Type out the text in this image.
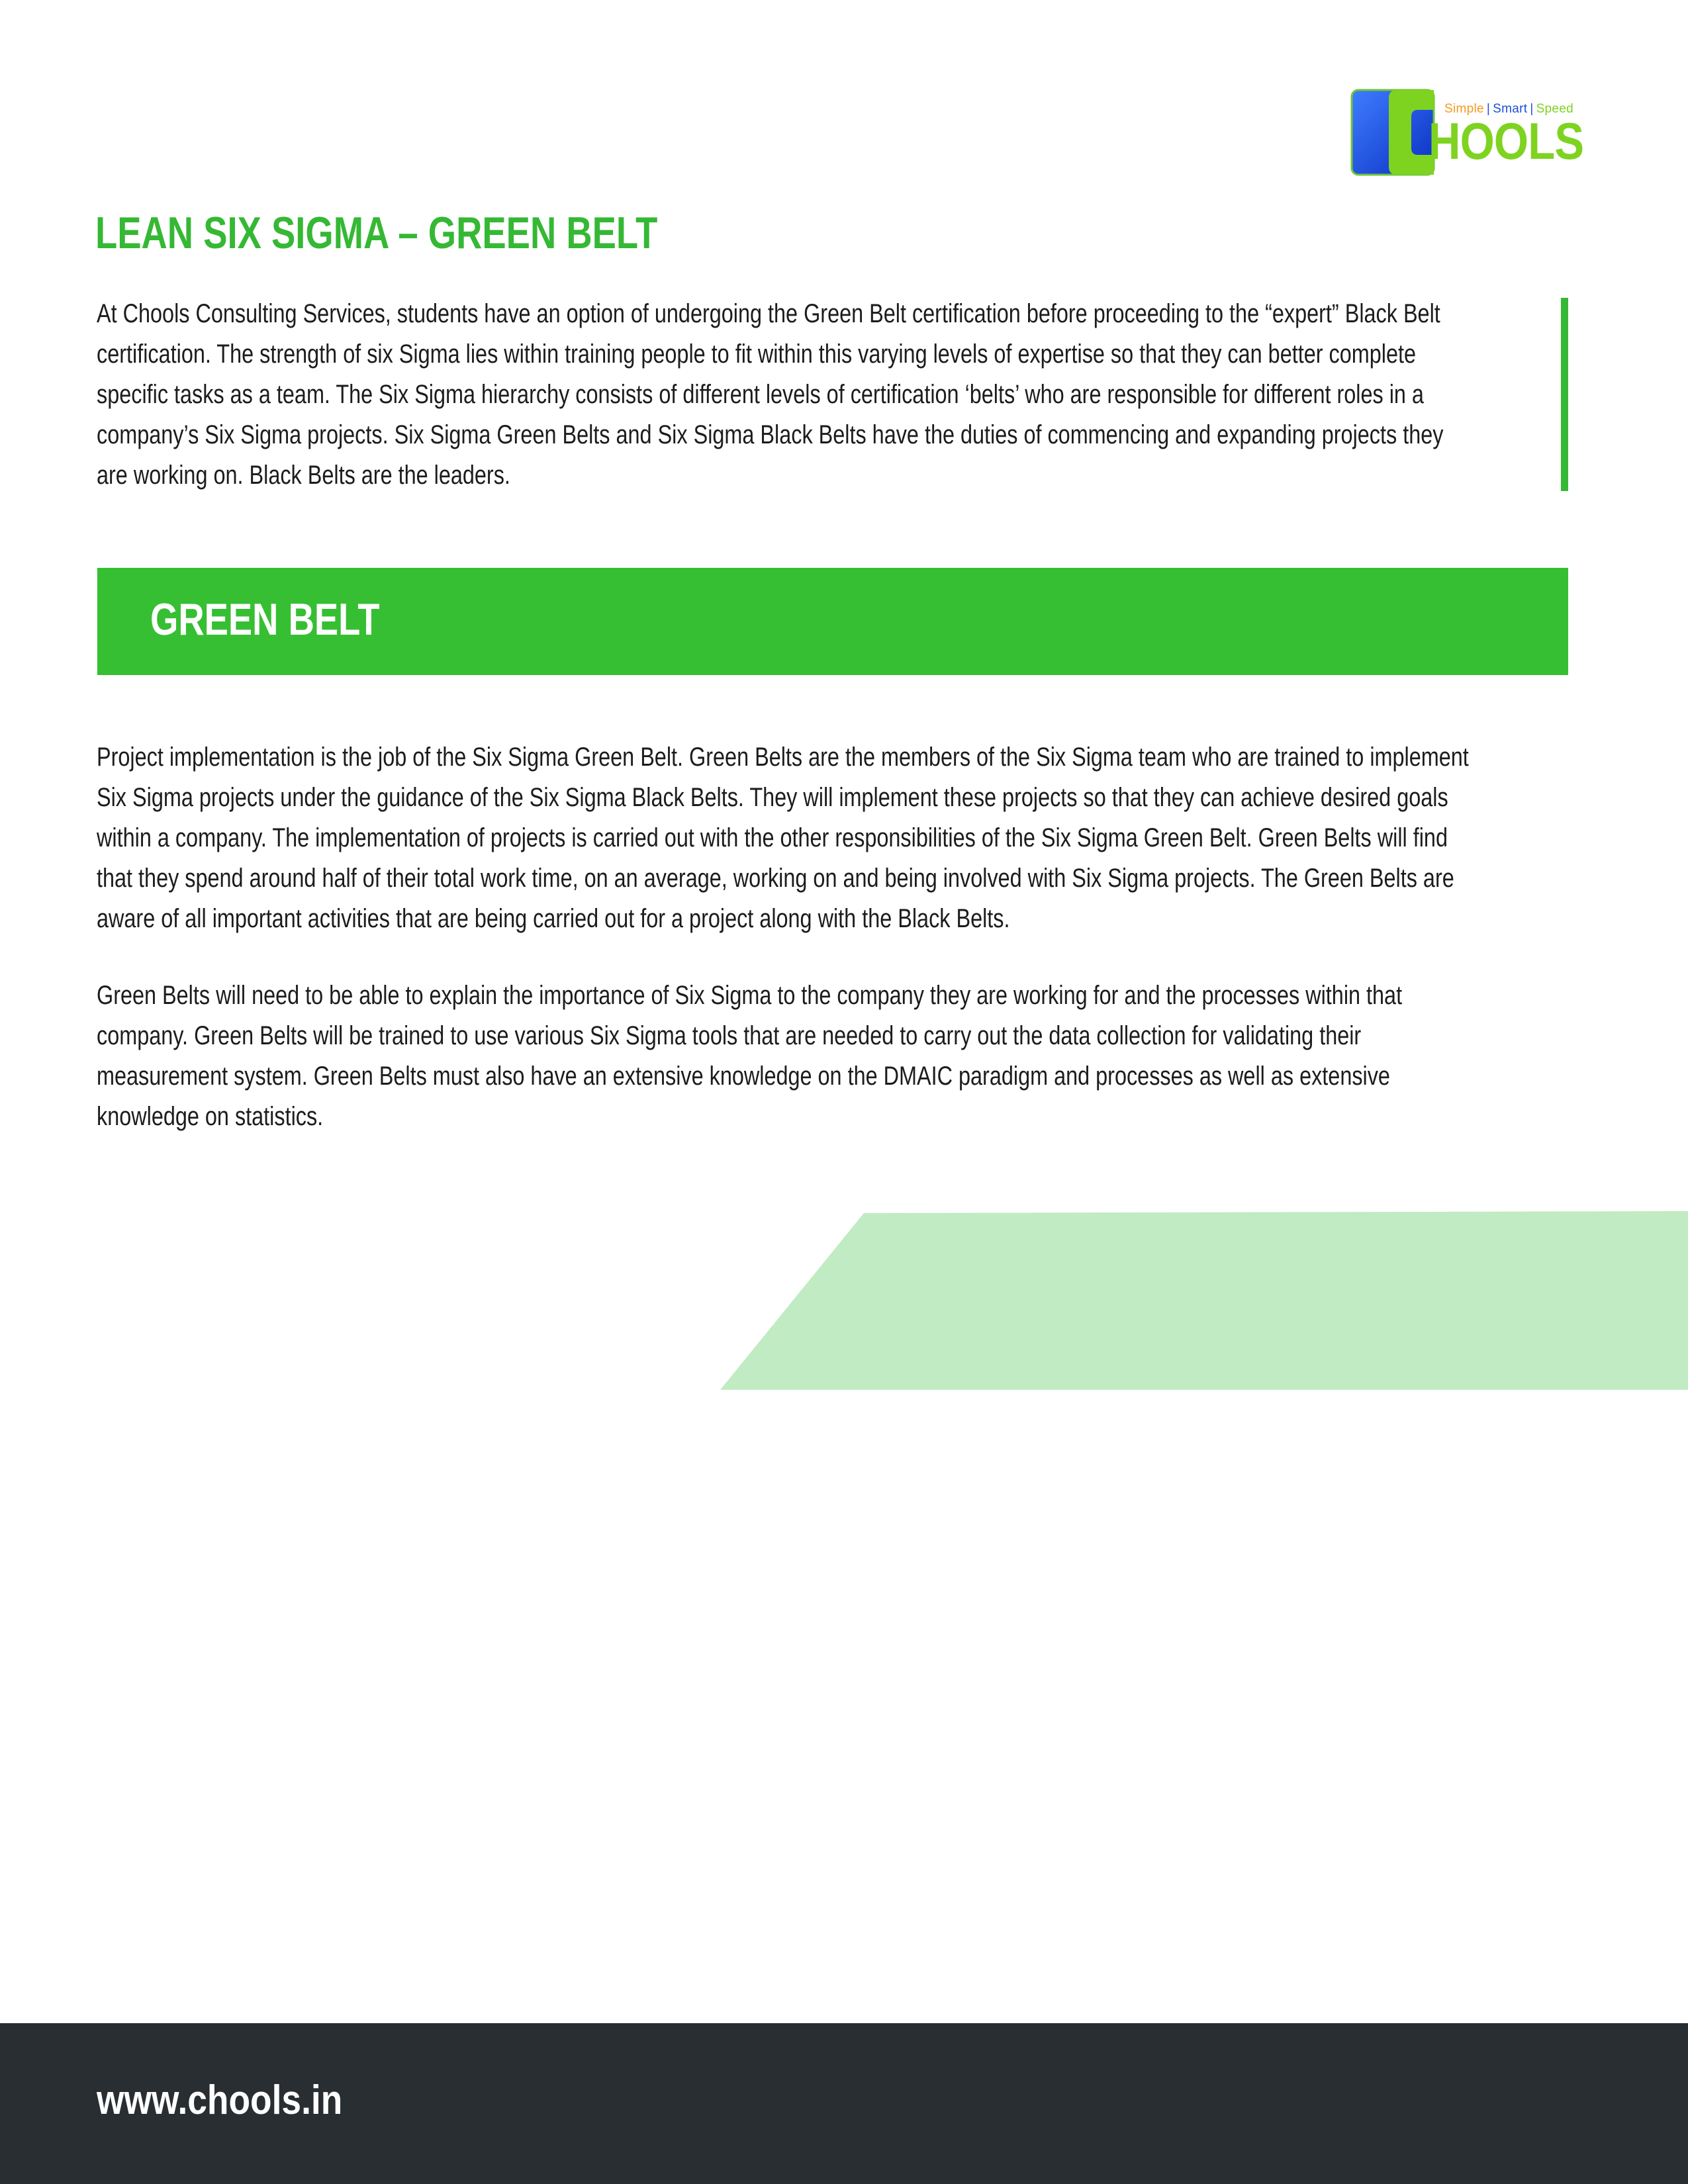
Simple | Smart | Speed
HOOLS
LEAN SIX SIGMA – GREEN BELT

At Chools Consulting Services, students have an option of undergoing the Green Belt certification before proceeding to the “expert” Black Belt certification. The strength of six Sigma lies within training people to fit within this varying levels of expertise so that they can better complete specific tasks as a team. The Six Sigma hierarchy consists of different levels of certification ‘belts’ who are responsible for different roles in a company’s Six Sigma projects. Six Sigma Green Belts and Six Sigma Black Belts have the duties of commencing and expanding projects they are working on. Black Belts are the leaders.

GREEN BELT

Project implementation is the job of the Six Sigma Green Belt. Green Belts are the members of the Six Sigma team who are trained to implement Six Sigma projects under the guidance of the Six Sigma Black Belts. They will implement these projects so that they can achieve desired goals within a company. The implementation of projects is carried out with the other responsibilities of the Six Sigma Green Belt. Green Belts will find that they spend around half of their total work time, on an average, working on and being involved with Six Sigma projects. The Green Belts are aware of all important activities that are being carried out for a project along with the Black Belts.

Green Belts will need to be able to explain the importance of Six Sigma to the company they are working for and the processes within that company. Green Belts will be trained to use various Six Sigma tools that are needed to carry out the data collection for validating their measurement system. Green Belts must also have an extensive knowledge on the DMAIC paradigm and processes as well as extensive knowledge on statistics.

www.chools.in
